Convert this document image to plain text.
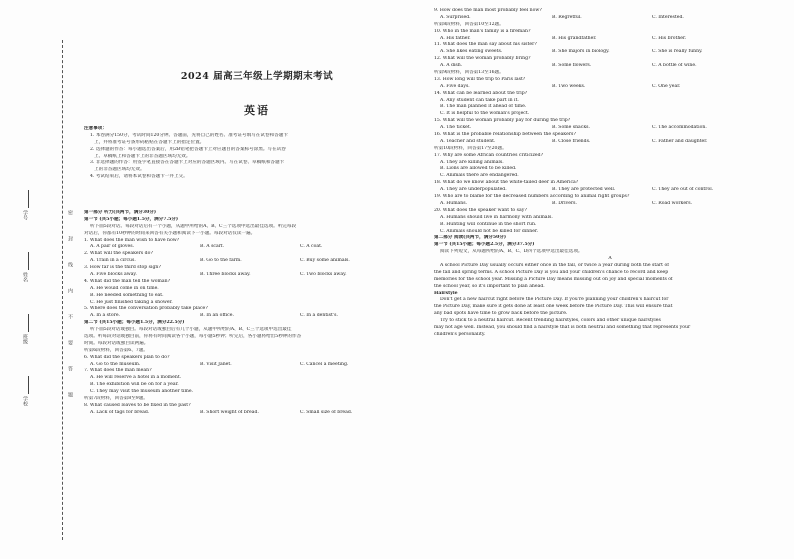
学号
姓名
班级
学校
密
封
线
内
不
要
答
题
2024 届高三年级上学期期末考试
英语
注意事项：
1. 本卷满分150分，考试时间120分钟。答题前，先将自己的姓名、准考证号填写在试卷和答题卡
上，并将准考证号条形码粘贴在答题卡上的指定位置。
2. 选择题的作答：每小题选出答案后，用2B铅笔把答题卡上对应题目的答案标号涂黑。写在试卷
上、草稿纸上和答题卡上的非答题区域均无效。
3. 非选择题的作答：用签字笔直接答在答题卡上对应的答题区域内。写在试卷、草稿纸和答题卡
上的非答题区域均无效。
4. 考试结束后，请将本试卷和答题卡一并上交。
第一部分 听力(共两节，满分30分)
第一节 (共5小题；每小题1.5分，满分7.5分)
听下面5段对话。每段对话后有一个小题，从题中所给的A、B、C三个选项中选出最佳选项。听完每段
对话后，你都有10秒钟的时间来回答有关小题和阅读下一小题。每段对话仅读一遍。
1. What does the man wish to have now?
A. A pair of gloves.	B. A scarf.	C. A coat.
2. What will the speakers do?
A. Train in a circus.	B. Go to the farm.	C. Buy some animals.
3. How far is the third stop sign?
A. Five blocks away.	B. Three blocks away.	C. Two blocks away.
4. What did the man tell the woman?
A. He would come in on time.
B. He needed something to eat.
C. He just finished taking a shower.
5. Where does the conversation probably take place?
A. In a store.	B. In an office.	C. In a dentist's.
第二节 (共15小题；每小题1.5分，满分22.5分)
听下面5段对话或独白。每段对话或独白后有几个小题，从题中所给的A、B、C三个选项中选出最佳
选项。听每段对话或独白前，你将有时间阅读各个小题，每小题5秒钟；听完后，各小题将给出5秒钟的作答
时间。每段对话或独白读两遍。
听第6段材料，回答第6、7题。
6. What did the speakers plan to do?
A. Go to the museum.	B. Visit Janet.	C. Cancel a meeting.
7. What does the man mean?
A. He will reserve a hotel in a moment.
B. The exhibition will be on for a year.
C. They may visit the museum another time.
听第7段材料，回答第8至9题。
8. What caused loaves to be fixed in the past?
A. Lack of tags for bread.	B. Short weight of bread.	C. Small size of bread.
9. How does the man most probably feel now?
A. Surprised.	B. Regretful.	C. Interested.
听第8段材料，回答第10至12题。
10. Who in the man's family is a fireman?
A. His father.	B. His grandfather.	C. His brother.
11. What does the man say about his sister?
A. She likes eating sweets.	B. She majors in biology.	C. She is really funny.
12. What will the woman probably bring?
A. A dish.	B. Some flowers.	C. A bottle of wine.
听第9段材料，回答第13至16题。
13. How long will the trip to Paris last?
A. Five days.	B. Two weeks.	C. One year.
14. What can be learned about the trip?
A. Any student can take part in it.
B. The man planned it ahead of time.
C. It is helpful to the woman's project.
15. What will the woman probably pay for during the trip?
A. The ticket.	B. Some snacks.	C. The accommodation.
16. What is the probable relationship between the speakers?
A. Teacher and student.	B. Close friends.	C. Father and daughter.
听第10段材料，回答第17至20题。
17. Why are some African countries criticized?
A. They are killing animals.
B. Lions are allowed to be killed.
C. Animals there are endangered.
18. What do we know about the white-tailed deer in America?
A. They are underpopulated.	B. They are protected well.	C. They are out of control.
19. Who are to blame for the decreased numbers according to animal right groups?
A. Humans.	B. Drivers.	C. Road workers.
20. What does the speaker want to say?
A. Humans should live in harmony with animals.
B. Hunting will continue in the short run.
C. Animals should not be killed for dinner.
第二部分 阅读(共两节，满分50分)
第一节 (共15小题；每小题2.5分，满分37.5分)
阅读下列短文，从每题所给的A、B、C、D四个选项中选出最佳选项。
A
A school Picture Day usually occurs either once in the fall, or twice a year during both the start of
the fall and spring terms. A school Picture Day is you and your children's chance to record and keep
memories for the school year. Missing a Picture Day means missing out on joy and special moments of
the school year, so it's important to plan ahead.
Hairstyle
Don't get a new haircut right before the Picture Day. If you're planning your children's haircut for
the Picture Day, make sure it gets done at least one week before the Picture Day. This will ensure that
any bad spots have time to grow back before the picture.
Try to stick to a neutral haircut. Recent trending hairstyles, colors and other unique hairstyles
may not age well. Instead, you should find a hairstyle that is both neutral and something that represents your
children's personality.
